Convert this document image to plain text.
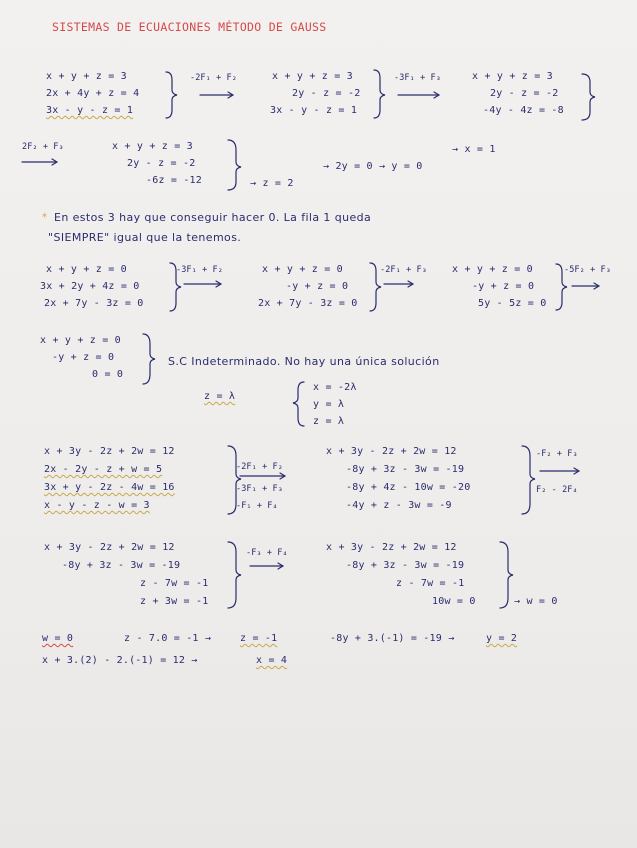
SISTEMAS DE ECUACIONES MÉTODO DE GAUSS
x + y + z = 3
2x + 4y + z = 4
3x - y - z = 1
-2F₁ + F₂	x + y + z = 3
2y - z = -2
3x - y - z = 1
-3F₁ + F₃	x + y + z = 3
2y - z = -2
-4y - 4z = -8
2F₂ + F₃	x + y + z = 3
2y - z = -2
-6z = -12
→ x = 1
→ 2y = 0 → y = 0
→ z = 2
* En estos 3 hay que conseguir hacer 0. La fila 1 queda
"SIEMPRE" igual que la tenemos.
x + y + z = 0
3x + 2y + 4z = 0
2x + 7y - 3z = 0
-3F₁ + F₂	x + y + z = 0
-y + z = 0
2x + 7y - 3z = 0
-2F₁ + F₃	x + y + z = 0
-y + z = 0
5y - 5z = 0
-5F₂ + F₃
x + y + z = 0
-y + z = 0
0 = 0
S.C Indeterminado. No hay una única solución
z = λ
x = -2λ
y = λ
z = λ
x + 3y - 2z + 2w = 12
2x - 2y - z + w = 5
3x + y - 2z - 4w = 16
x - y - z - w = 3
-2F₁ + F₂
-3F₁ + F₃
-F₁ + F₄
x + 3y - 2z + 2w = 12
-8y + 3z - 3w = -19
-8y + 4z - 10w = -20
-4y + z - 3w = -9
-F₂ + F₃
F₂ - 2F₄
x + 3y - 2z + 2w = 12
-8y + 3z - 3w = -19
z - 7w = -1
z + 3w = -1
-F₃ + F₄	x + 3y - 2z + 2w = 12
-8y + 3z - 3w = -19
z - 7w = -1
10w = 0	→ w = 0
w = 0	z - 7.0 = -1 →	z = -1	-8y + 3.(-1) = -19 →	y = 2
x + 3.(2) - 2.(-1) = 12 →	x = 4
